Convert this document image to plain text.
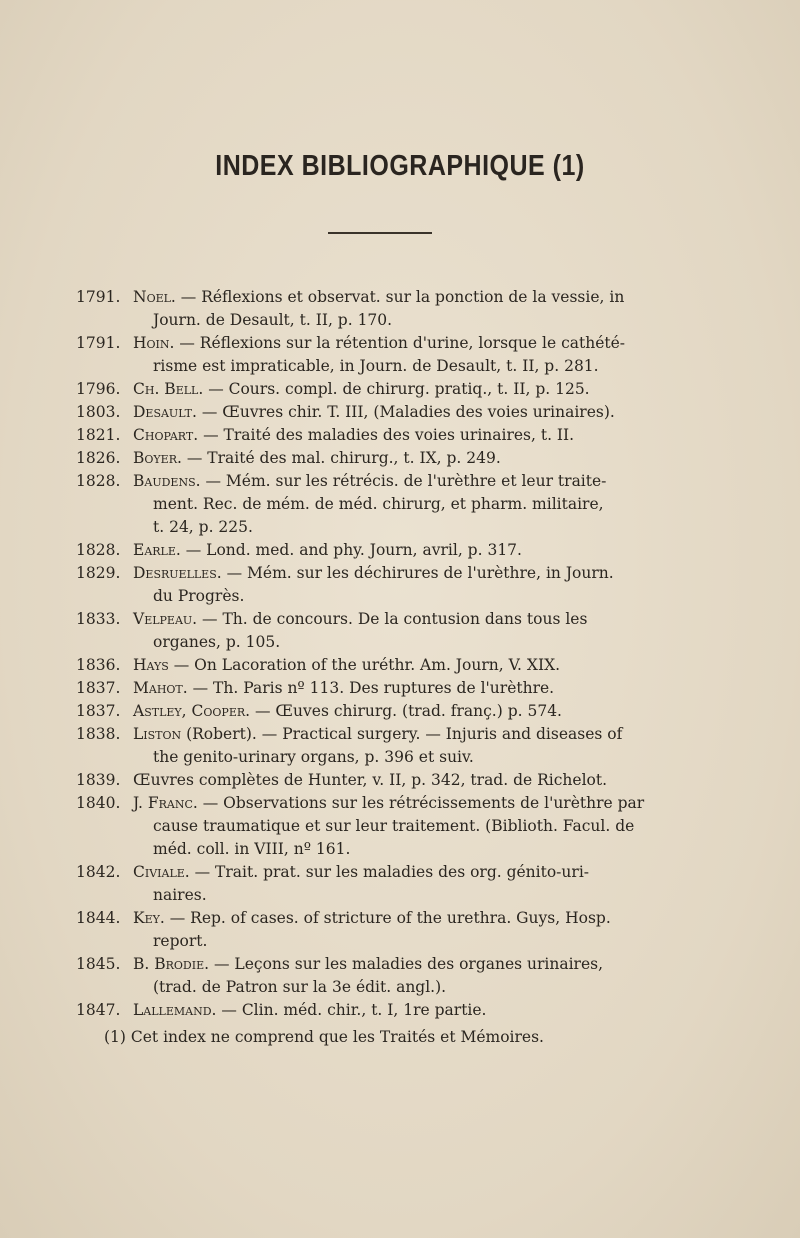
INDEX BIBLIOGRAPHIQUE (1)
1791. Noel. — Réflexions et observat. sur la ponction de la vessie, in
Journ. de Desault, t. II, p. 170.
1791. Hoin. — Réflexions sur la rétention d'urine, lorsque le cathété-
risme est impraticable, in Journ. de Desault, t. II, p. 281.
1796. Ch. Bell. — Cours. compl. de chirurg. pratiq., t. II, p. 125.
1803. Desault. — Œuvres chir. T. III, (Maladies des voies urinaires).
1821. Chopart. — Traité des maladies des voies urinaires, t. II.
1826. Boyer. — Traité des mal. chirurg., t. IX, p. 249.
1828. Baudens. — Mém. sur les rétrécis. de l'urèthre et leur traite-
ment. Rec. de mém. de méd. chirurg, et pharm. militaire,
t. 24, p. 225.
1828. Earle. — Lond. med. and phy. Journ, avril, p. 317.
1829. Desruelles. — Mém. sur les déchirures de l'urèthre, in Journ.
du Progrès.
1833. Velpeau. — Th. de concours. De la contusion dans tous les
organes, p. 105.
1836. Hays — On Lacoration of the uréthr. Am. Journ, V. XIX.
1837. Mahot. — Th. Paris nº 113. Des ruptures de l'urèthre.
1837. Astley, Cooper. — Œuves chirurg. (trad. franç.) p. 574.
1838. Liston (Robert). — Practical surgery. — Injuris and diseases of
the genito-urinary organs, p. 396 et suiv.
1839. Œuvres complètes de Hunter, v. II, p. 342, trad. de Richelot.
1840. J. Franc. — Observations sur les rétrécissements de l'urèthre par
cause traumatique et sur leur traitement. (Biblioth. Facul. de
méd. coll. in VIII, nº 161.
1842. Civiale. — Trait. prat. sur les maladies des org. génito-uri-
naires.
1844. Key. — Rep. of cases. of stricture of the urethra. Guys, Hosp.
report.
1845. B. Brodie. — Leçons sur les maladies des organes urinaires,
(trad. de Patron sur la 3e édit. angl.).
1847. Lallemand. — Clin. méd. chir., t. I, 1re partie.
(1) Cet index ne comprend que les Traités et Mémoires.
